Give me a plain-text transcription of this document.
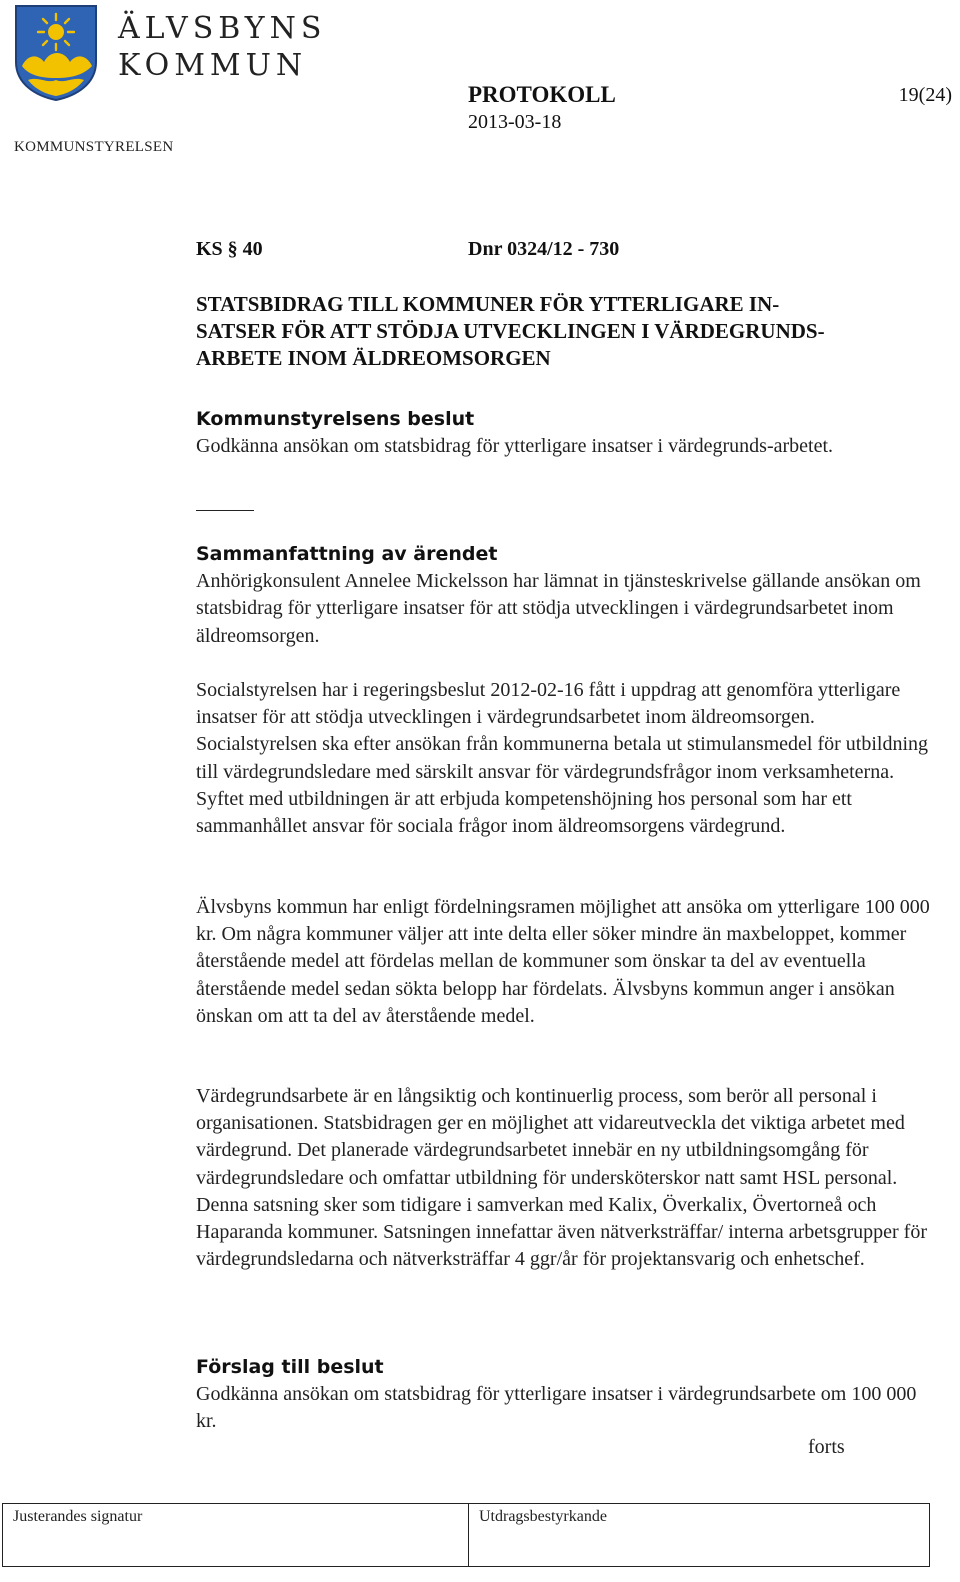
ÄLVSBYNS
KOMMUN
KOMMUNSTYRELSEN
PROTOKOLL	19(24)
2013-03-18
KS § 40	Dnr 0324/12 - 730
STATSBIDRAG TILL KOMMUNER FÖR YTTERLIGARE IN-
SATSER FÖR ATT STÖDJA UTVECKLINGEN I VÄRDEGRUNDS-
ARBETE INOM ÄLDREOMSORGEN

Kommunstyrelsens beslut

Godkänna ansökan om statsbidrag för ytterligare insatser i värdegrunds-arbetet.

Sammanfattning av ärendet

Anhörigkonsulent Annelee Mickelsson har lämnat in tjänsteskrivelse gällande ansökan om statsbidrag för ytterligare insatser för att stödja utvecklingen i värdegrundsarbetet inom äldreomsorgen.

Socialstyrelsen har i regeringsbeslut 2012-02-16 fått i uppdrag att genomföra ytterligare insatser för att stödja utvecklingen i värdegrundsarbetet inom äldreomsorgen. Socialstyrelsen ska efter ansökan från kommunerna betala ut stimulansmedel för utbildning till värdegrundsledare med särskilt ansvar för värdegrundsfrågor inom verksamheterna. Syftet med utbildningen är att erbjuda kompetenshöjning hos personal som har ett sammanhållet ansvar för sociala frågor inom äldreomsorgens värdegrund.

Älvsbyns kommun har enligt fördelningsramen möjlighet att ansöka om ytterligare 100 000 kr. Om några kommuner väljer att inte delta eller söker mindre än maxbeloppet, kommer återstående medel att fördelas mellan de kommuner som önskar ta del av eventuella återstående medel sedan sökta belopp har fördelats. Älvsbyns kommun anger i ansökan önskan om att ta del av återstående medel.

Värdegrundsarbete är en långsiktig och kontinuerlig process, som berör all personal i organisationen. Statsbidragen ger en möjlighet att vidareutveckla det viktiga arbetet med värdegrund. Det planerade värdegrundsarbetet innebär en ny utbildningsomgång för värdegrundsledare och omfattar utbildning för undersköterskor natt samt HSL personal. Denna satsning sker som tidigare i samverkan med Kalix, Överkalix, Övertorneå och Haparanda kommuner. Satsningen innefattar även nätverksträffar/ interna arbetsgrupper för värdegrundsledarna och nätverksträffar 4 ggr/år för projektansvarig och enhetschef.

Förslag till beslut

Godkänna ansökan om statsbidrag för ytterligare insatser i värdegrundsarbete om 100 000 kr.

forts
Justerandes signatur	Utdragsbestyrkande
